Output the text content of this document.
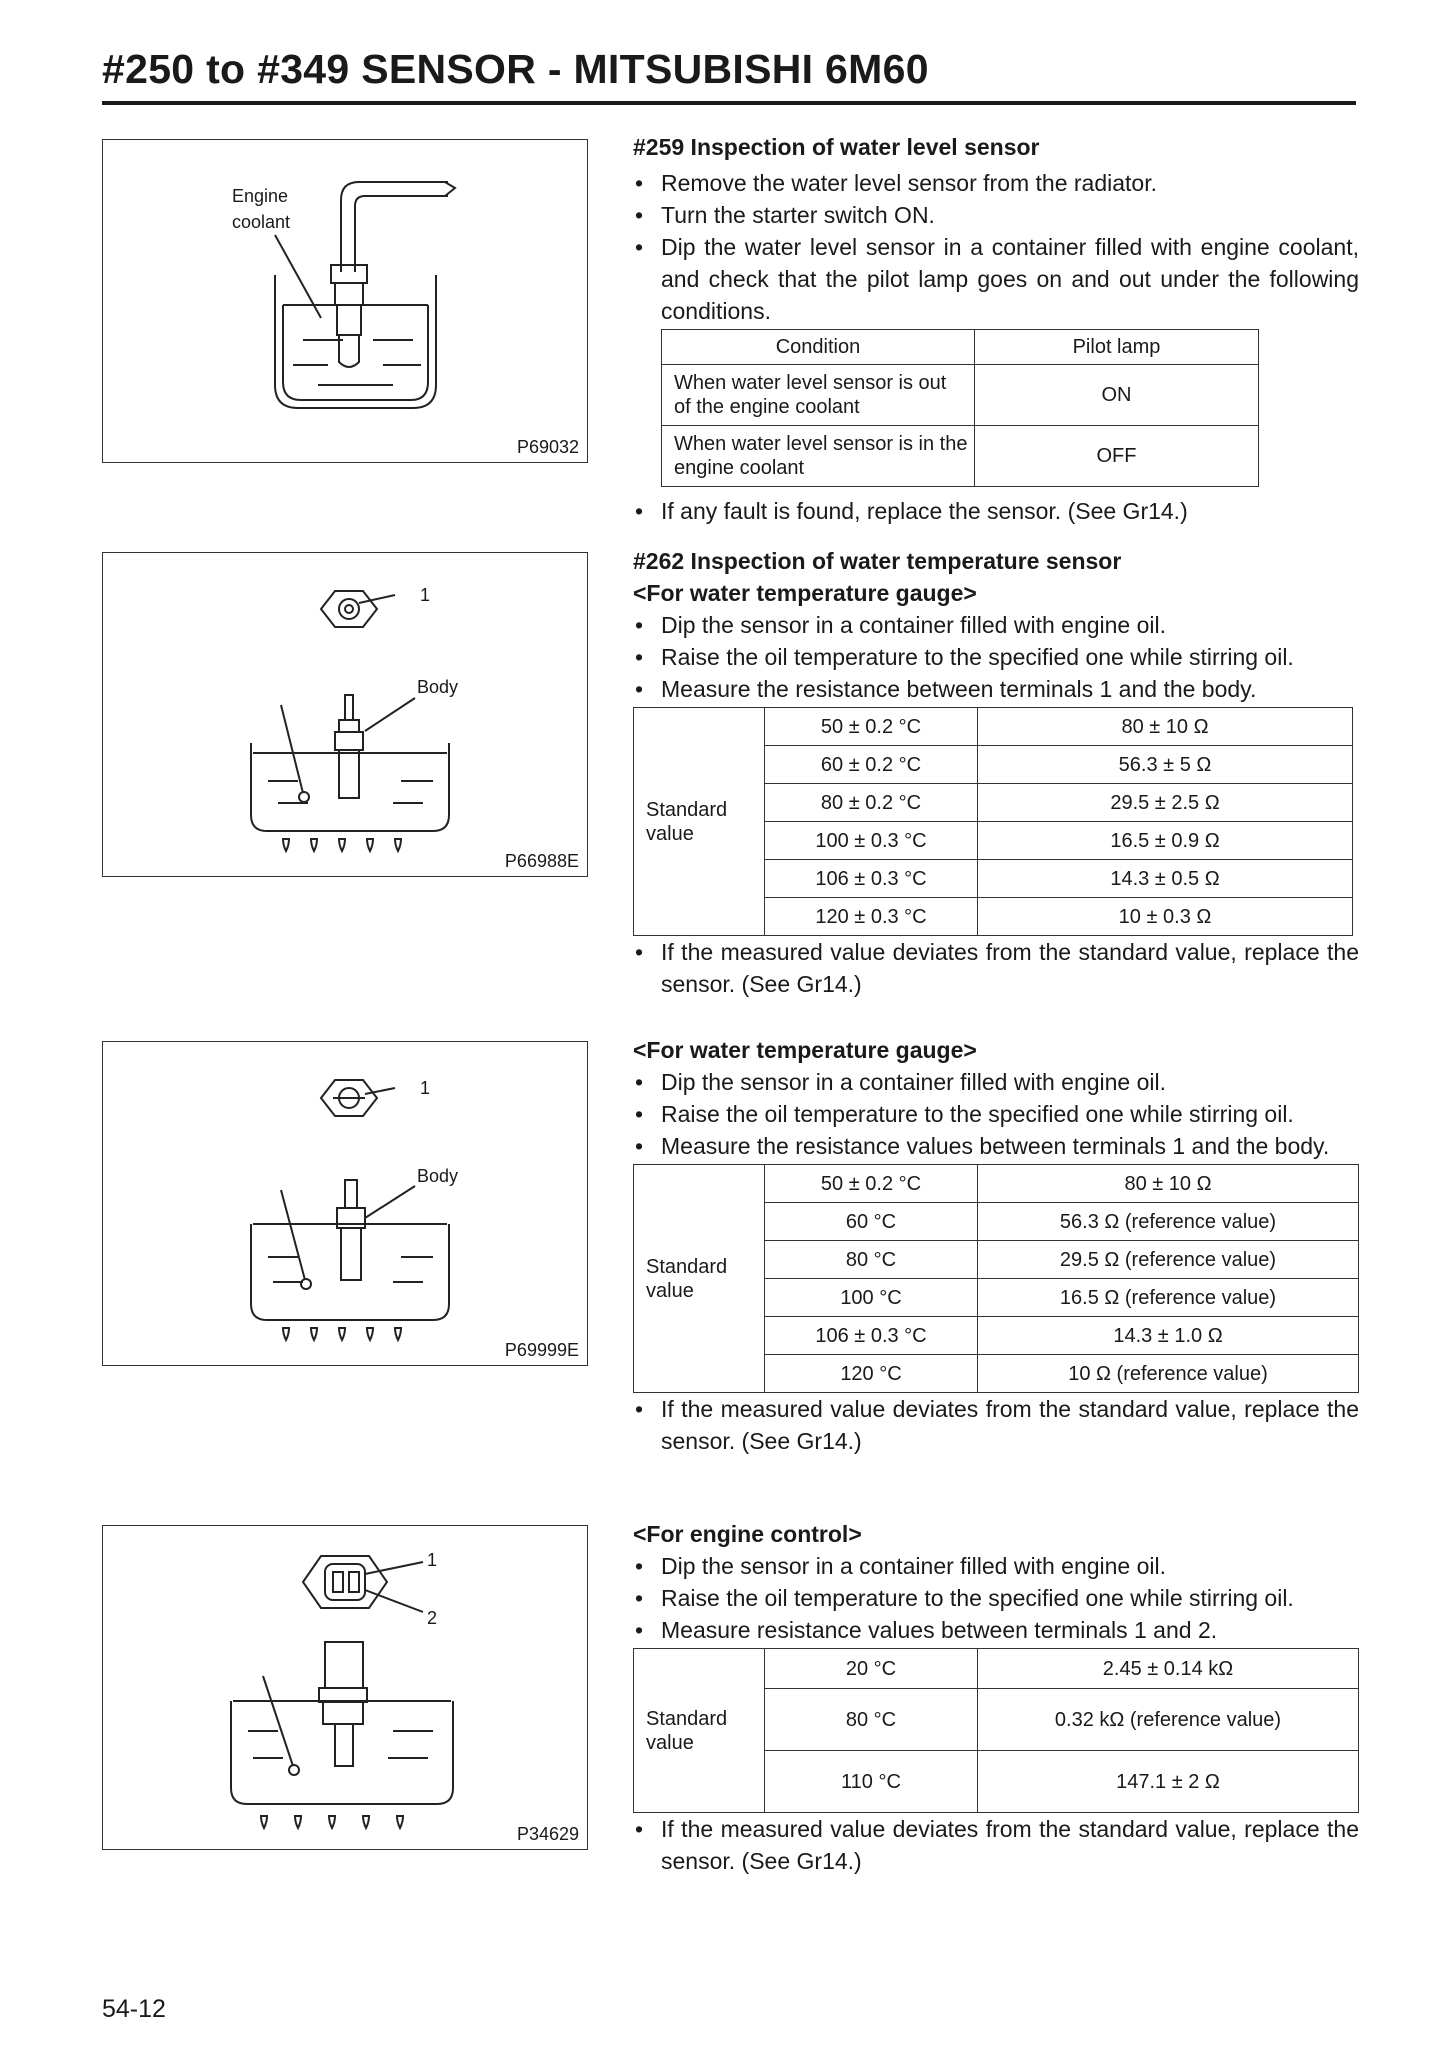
#250 to #349 SENSOR - MITSUBISHI 6M60
Engine
coolant
P69032
1
Body
P66988E
1
Body
P69999E
1
2
P34629
#259 Inspection of water level sensor
• Remove the water level sensor from the radiator.
• Turn the starter switch ON.
• Dip the water level sensor in a container filled with engine coolant, and check that the pilot lamp goes on and out under the following conditions.
Condition	Pilot lamp
When water level sensor is out of the engine coolant	ON
When water level sensor is in the engine coolant	OFF
• If any fault is found, replace the sensor. (See Gr14.)
#262 Inspection of water temperature sensor
<For water temperature gauge>
• Dip the sensor in a container filled with engine oil.
• Raise the oil temperature to the specified one while stirring oil.
• Measure the resistance between terminals 1 and the body.
Standard value	50 ± 0.2 °C	80 ± 10 Ω
	60 ± 0.2 °C	56.3 ± 5 Ω
	80 ± 0.2 °C	29.5 ± 2.5 Ω
	100 ± 0.3 °C	16.5 ± 0.9 Ω
	106 ± 0.3 °C	14.3 ± 0.5 Ω
	120 ± 0.3 °C	10 ± 0.3 Ω
• If the measured value deviates from the standard value, replace the sensor. (See Gr14.)
<For water temperature gauge>
• Dip the sensor in a container filled with engine oil.
• Raise the oil temperature to the specified one while stirring oil.
• Measure the resistance values between terminals 1 and the body.
Standard value	50 ± 0.2 °C	80 ± 10 Ω
	60 °C	56.3 Ω (reference value)
	80 °C	29.5 Ω (reference value)
	100 °C	16.5 Ω (reference value)
	106 ± 0.3 °C	14.3 ± 1.0 Ω
	120 °C	10 Ω (reference value)
• If the measured value deviates from the standard value, replace the sensor. (See Gr14.)
<For engine control>
• Dip the sensor in a container filled with engine oil.
• Raise the oil temperature to the specified one while stirring oil.
• Measure resistance values between terminals 1 and 2.
Standard value	20 °C	2.45 ± 0.14 kΩ
	80 °C	0.32 kΩ (reference value)
	110 °C	147.1 ± 2 Ω
• If the measured value deviates from the standard value, replace the sensor. (See Gr14.)
54-12
